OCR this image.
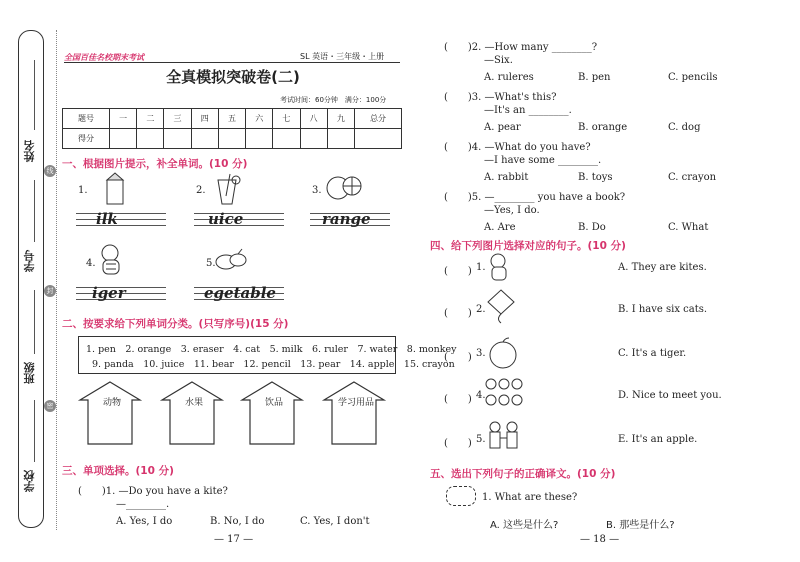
姓名
学号
班级
学校
线
封
密
全国百佳名校期末考试	SL 英语・三年级・上册
全真模拟突破卷(二)
考试时间：60分钟　满分：100分
题号	一	二	三	四	五	六	七	八	九	总分
得分										
一、根据图片提示，补全单词。(10 分)
1.
ilk
2.
uice
3.
range
4.
iger
5.
egetable
二、按要求给下列单词分类。(只写序号)(15 分)
1. pen　2. orange　3. eraser　4. cat　5. milk　6. ruler　7. water　8. monkey
9. panda　10. juice　11. bear　12. pencil　13. pear　14. apple　15. crayon
动物	水果	饮品	学习用品
三、单项选择。(10 分)
(　　)1. —Do you have a kite?
—________.
A. Yes, I do	B. No, I do	C. Yes, I don't
— 17 —
(　　)2. —How many ________?
—Six.
A. ruleres	B. pen	C. pencils
(　　)3. —What's this?
—It's an ________.
A. pear	B. orange	C. dog
(　　)4. —What do you have?
—I have some ________.
A. rabbit	B. toys	C. crayon
(　　)5. —________ you have a book?
—Yes, I do.
A. Are	B. Do	C. What
四、给下列图片选择对应的句子。(10 分)
(　　) 1.	A. They are kites.
(　　) 2.	B. I have six cats.
(　　) 3.	C. It's a tiger.
(　　) 4.	D. Nice to meet you.
(　　) 5.	E. It's an apple.
五、选出下列句子的正确译文。(10 分)
1. What are these?
A. 这些是什么?	B. 那些是什么?
— 18 —
